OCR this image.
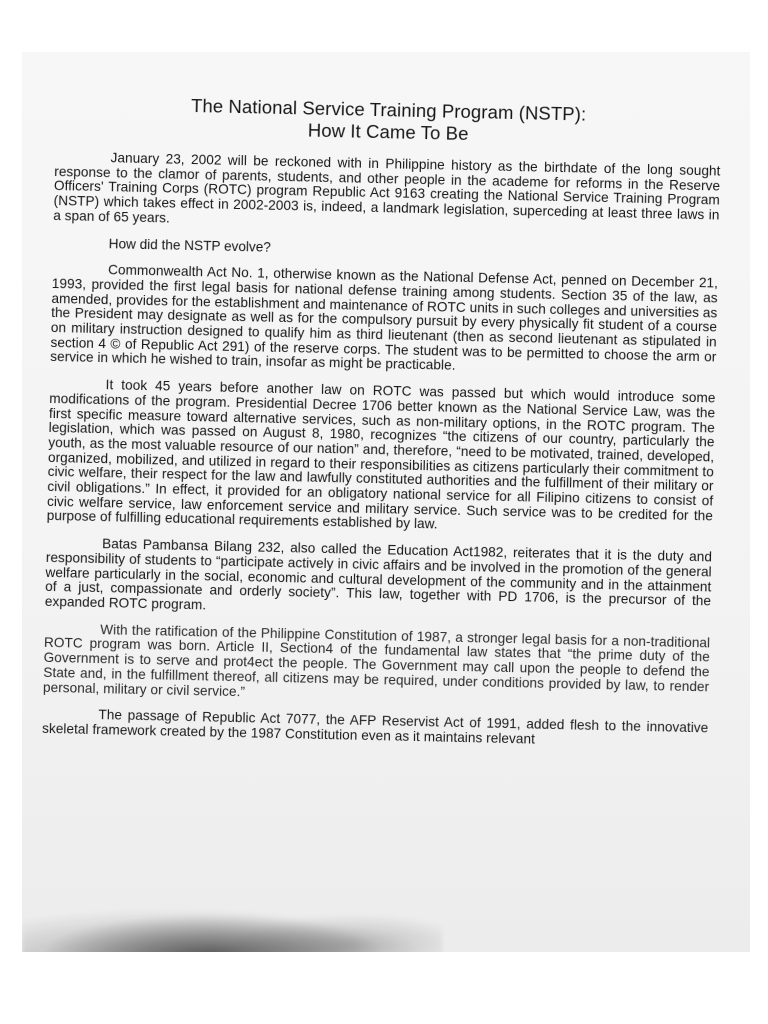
The National Service Training Program (NSTP):
How It Came To Be

January 23, 2002 will be reckoned with in Philippine history as the birthdate of the long sought response to the clamor of parents, students, and other people in the academe for reforms in the Reserve Officers' Training Corps (ROTC) program Republic Act 9163 creating the National Service Training Program (NSTP) which takes effect in 2002-2003 is, indeed, a landmark legislation, superceding at least three laws in a span of 65 years.

How did the NSTP evolve?

Commonwealth Act No. 1, otherwise known as the National Defense Act, penned on December 21, 1993, provided the first legal basis for national defense training among students. Section 35 of the law, as amended, provides for the establishment and maintenance of ROTC units in such colleges and universities as the President may designate as well as for the compulsory pursuit by every physically fit student of a course on military instruction designed to qualify him as third lieutenant (then as second lieutenant as stipulated in section 4 © of Republic Act 291) of the reserve corps. The student was to be permitted to choose the arm or service in which he wished to train, insofar as might be practicable.

It took 45 years before another law on ROTC was passed but which would introduce some modifications of the program. Presidential Decree 1706 better known as the National Service Law, was the first specific measure toward alternative services, such as non-military options, in the ROTC program. The legislation, which was passed on August 8, 1980, recognizes “the citizens of our country, particularly the youth, as the most valuable resource of our nation” and, therefore, “need to be motivated, trained, developed, organized, mobilized, and utilized in regard to their responsibilities as citizens particularly their commitment to civic welfare, their respect for the law and lawfully constituted authorities and the fulfillment of their military or civil obligations.” In effect, it provided for an obligatory national service for all Filipino citizens to consist of civic welfare service, law enforcement service and military service. Such service was to be credited for the purpose of fulfilling educational requirements established by law.

Batas Pambansa Bilang 232, also called the Education Act1982, reiterates that it is the duty and responsibility of students to “participate actively in civic affairs and be involved in the promotion of the general welfare particularly in the social, economic and cultural development of the community and in the attainment of a just, compassionate and orderly society”. This law, together with PD 1706, is the precursor of the expanded ROTC program.

With the ratification of the Philippine Constitution of 1987, a stronger legal basis for a non-traditional ROTC program was born. Article II, Section4 of the fundamental law states that “the prime duty of the Government is to serve and prot4ect the people. The Government may call upon the people to defend the State and, in the fulfillment thereof, all citizens may be required, under conditions provided by law, to render personal, military or civil service.”

The passage of Republic Act 7077, the AFP Reservist Act of 1991, added flesh to the innovative skeletal framework created by the 1987 Constitution even as it maintains relevant
